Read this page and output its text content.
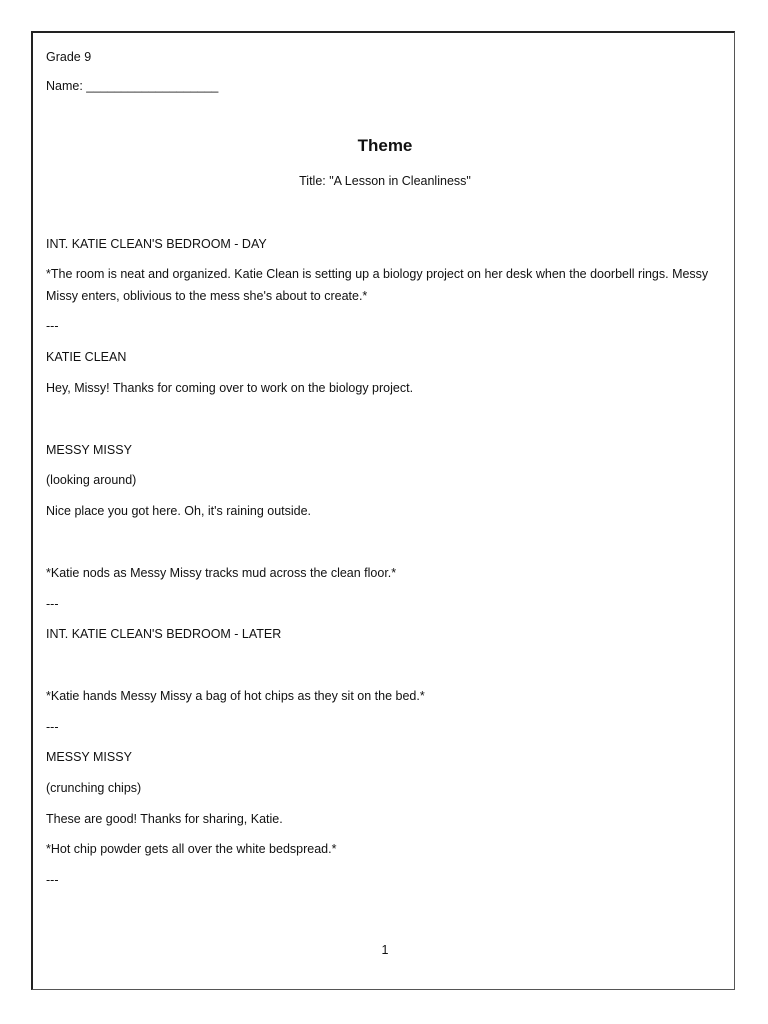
Grade 9
Name: ___________________
Theme
Title: "A Lesson in Cleanliness"
INT. KATIE CLEAN'S BEDROOM - DAY
*The room is neat and organized. Katie Clean is setting up a biology project on her desk when the doorbell rings. Messy Missy enters, oblivious to the mess she's about to create.*
---
KATIE CLEAN
Hey, Missy! Thanks for coming over to work on the biology project.
MESSY MISSY
(looking around)
Nice place you got here. Oh, it's raining outside.
*Katie nods as Messy Missy tracks mud across the clean floor.*
---
INT. KATIE CLEAN'S BEDROOM - LATER
*Katie hands Messy Missy a bag of hot chips as they sit on the bed.*
---
MESSY MISSY
(crunching chips)
These are good! Thanks for sharing, Katie.
*Hot chip powder gets all over the white bedspread.*
---
1
